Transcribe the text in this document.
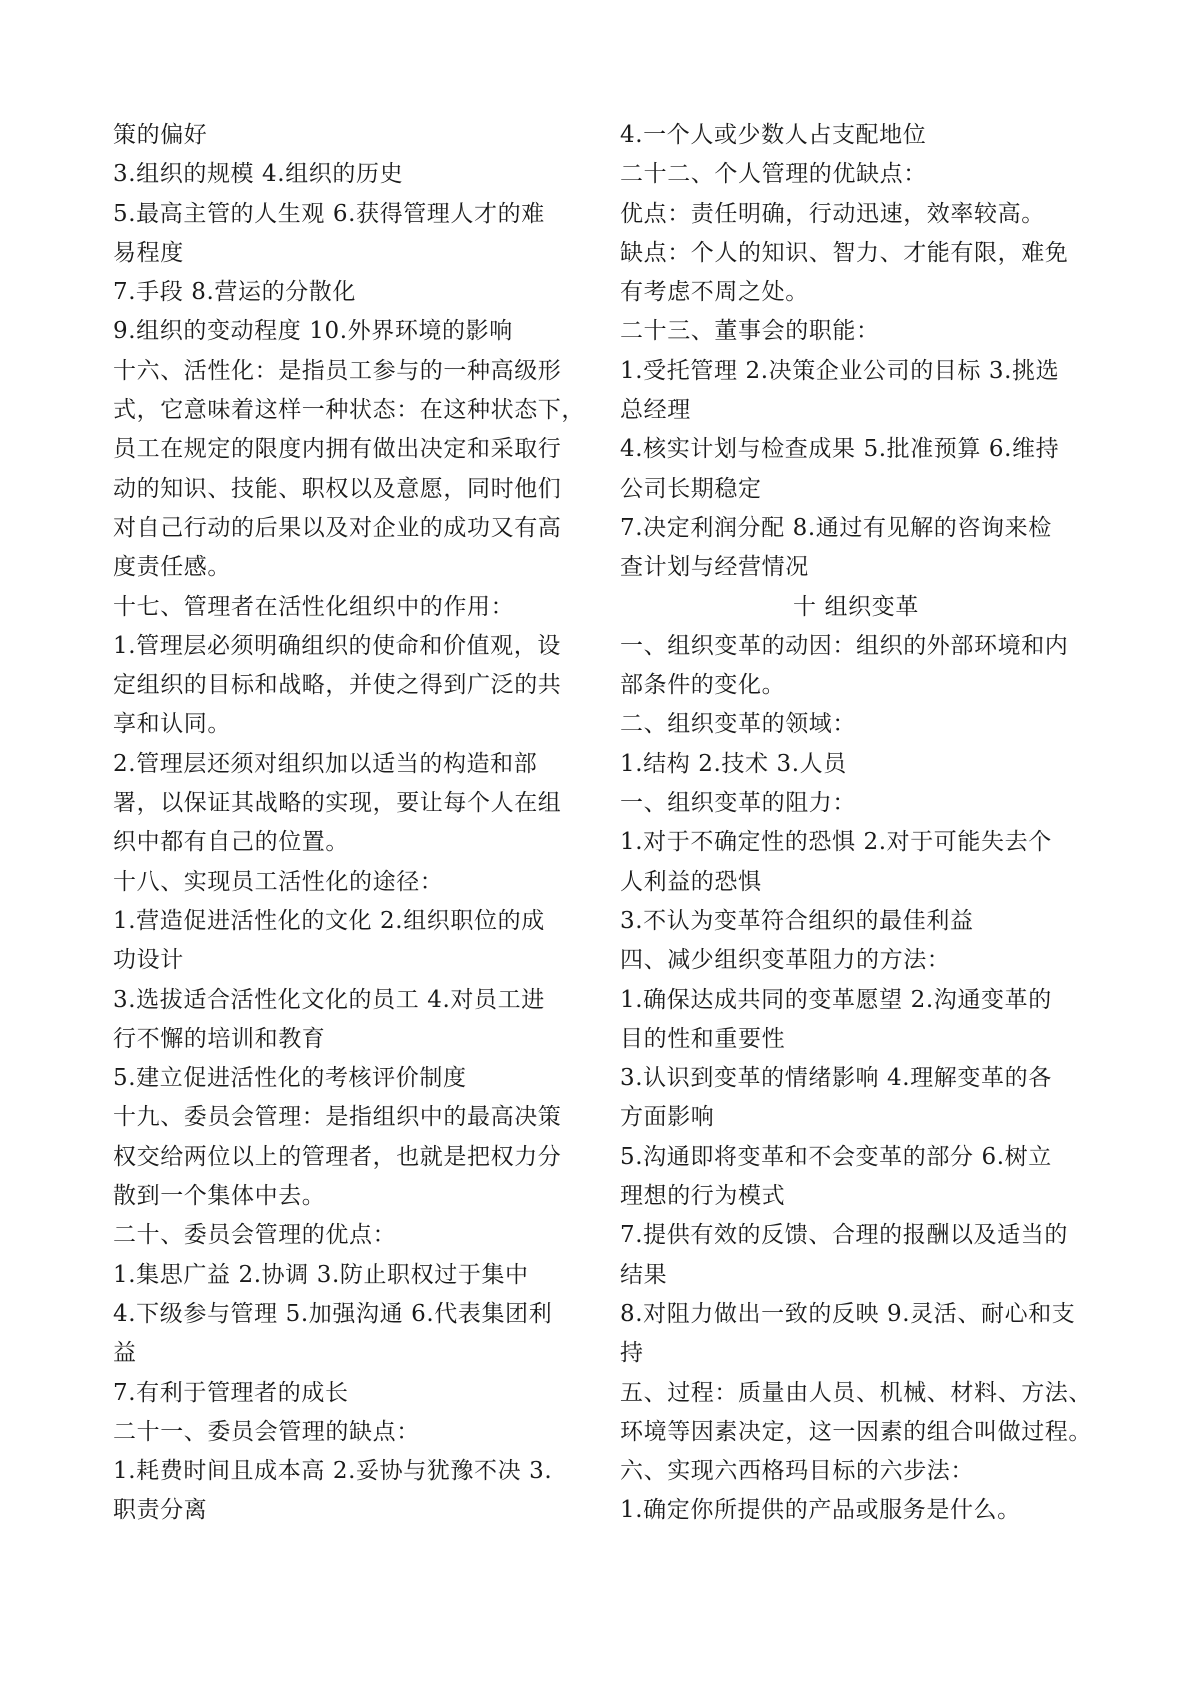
策的偏好
3.组织的规模 4.组织的历史
5.最高主管的人生观 6.获得管理人才的难
易程度
7.手段 8.营运的分散化
9.组织的变动程度 10.外界环境的影响
十六、活性化：是指员工参与的一种高级形
式，它意味着这样一种状态：在这种状态下，
员工在规定的限度内拥有做出决定和采取行
动的知识、技能、职权以及意愿，同时他们
对自己行动的后果以及对企业的成功又有高
度责任感。
十七、管理者在活性化组织中的作用：
1.管理层必须明确组织的使命和价值观，设
定组织的目标和战略，并使之得到广泛的共
享和认同。
2.管理层还须对组织加以适当的构造和部
署，以保证其战略的实现，要让每个人在组
织中都有自己的位置。
十八、实现员工活性化的途径：
1.营造促进活性化的文化 2.组织职位的成
功设计
3.选拔适合活性化文化的员工 4.对员工进
行不懈的培训和教育
5.建立促进活性化的考核评价制度
十九、委员会管理：是指组织中的最高决策
权交给两位以上的管理者，也就是把权力分
散到一个集体中去。
二十、委员会管理的优点：
1.集思广益 2.协调 3.防止职权过于集中
4.下级参与管理 5.加强沟通 6.代表集团利
益
7.有利于管理者的成长
二十一、委员会管理的缺点：
1.耗费时间且成本高 2.妥协与犹豫不决 3.
职责分离
4.一个人或少数人占支配地位
二十二、个人管理的优缺点：
优点：责任明确，行动迅速，效率较高。
缺点：个人的知识、智力、才能有限，难免
有考虑不周之处。
二十三、董事会的职能：
1.受托管理 2.决策企业公司的目标 3.挑选
总经理
4.核实计划与检查成果 5.批准预算 6.维持
公司长期稳定
7.决定利润分配 8.通过有见解的咨询来检
查计划与经营情况
十 组织变革
一、组织变革的动因：组织的外部环境和内
部条件的变化。
二、组织变革的领域：
1.结构 2.技术 3.人员
一、组织变革的阻力：
1.对于不确定性的恐惧 2.对于可能失去个
人利益的恐惧
3.不认为变革符合组织的最佳利益
四、减少组织变革阻力的方法：
1.确保达成共同的变革愿望 2.沟通变革的
目的性和重要性
3.认识到变革的情绪影响 4.理解变革的各
方面影响
5.沟通即将变革和不会变革的部分 6.树立
理想的行为模式
7.提供有效的反馈、合理的报酬以及适当的
结果
8.对阻力做出一致的反映 9.灵活、耐心和支
持
五、过程：质量由人员、机械、材料、方法、
环境等因素决定，这一因素的组合叫做过程。
六、实现六西格玛目标的六步法：
1.确定你所提供的产品或服务是什么。
